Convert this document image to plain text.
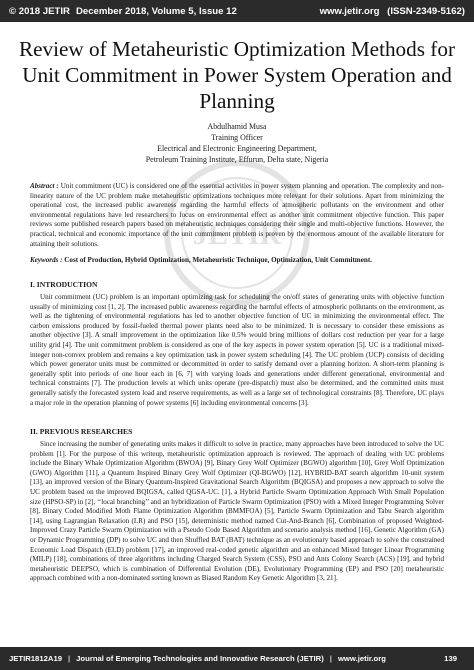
© 2018 JETIR December 2018, Volume 5, Issue 12	www.jetir.org (ISSN-2349-5162)
Review of Metaheuristic Optimization Methods for Unit Commitment in Power System Operation and Planning
Abdulhamid Musa
Training Officer
Electrical and Electronic Engineering Department,
Petroleum Training Institute, Effurun, Delta state, Nigeria
JETIR
Abstract : Unit commitment (UC) is considered one of the essential activities in power system planning and operation. The complexity and non-linearity nature of the UC problem make metaheuristic optimizations techniques more relevant for their solutions. Apart from minimizing the operational cost, the increased public awareness regarding the harmful effects of atmospheric pollutants on the environment and other environmental regulations have led researchers to focus on environmental effect as another unit commitment objective function. This paper reviews some published research papers based on metaheuristic techniques considering their single and multi-objective functions. However, the practical, technical and economic importance of the unit commitment problem is proven by the enormous amount of the available literature for attaining their solutions.
Keywords : Cost of Production, Hybrid Optimization, Metaheuristic Technique, Optimization, Unit Commitment.
I. INTRODUCTION
Unit commitment (UC) problem is an important optimizing task for scheduling the on/off states of generating units with objective function usually of minimizing cost [1, 2]. The increased public awareness regarding the harmful effects of atmospheric pollutants on the environment, as well as the tightening of environmental regulations has led to another objective function of UC in minimizing the environmental effect. The carbon emissions produced by fossil-fueled thermal power plants need also to be minimized. It is necessary to consider these emissions as another objective [3]. A small improvement in the optimization like 0.5% would bring millions of dollars cost reduction per year for a large utility grid [4]. The unit commitment problem is considered as one of the key aspects in power system operation [5]. UC is a traditional mixed-integer non-convex problem and remains a key optimization task in power system scheduling [4]. The UC problem (UCP) consists of deciding which power generator units must be committed or decommitted in order to satisfy demand over a planning horizon. A short-term planning is generally split into periods of one hour each in [6, 7] with varying loads and generations under different generational, environmental and technical constraints [7]. The production levels at which units operate (pre-dispatch) must also be determined, and the committed units must generally satisfy the forecasted system load and reserve requirements, as well as a large set of technological constraints [8]. Therefore, UC plays a major role in the operation planning of power systems [6] including environmental concerns [3].
II. PREVIOUS RESEARCHES
Since increasing the number of generating units makes it difficult to solve in practice, many approaches have been introduced to solve the UC problem [1]. For the purpose of this writeup, metaheuristic optimization approach is reviewed. The approach of dealing with UC problems include the Binary Whale Optimization Algorithm (BWOA) [9], Binary Grey Wolf Optimizer (BGWO) algorithm [10], Grey Wolf Optimization (GWO) Algorithm [11], a Quantum Inspired Binary Grey Wolf Optimizer (QI-BGWO) [12], HYBRID-BAT search algorithm 10-unit system [13], an improved version of the Binary Quantum-Inspired Gravitational Search Algorithm (BQIGSA) and proposes a new approach to solve the UC problem based on the improved BQIGSA, called QGSA-UC. [1], a Hybrid Particle Swarm Optimization Approach With Small Population size (HPSO-SP) in [2], ‘‘local branching’’ and an hybridization of Particle Swarm Optimization (PSO) with a Mixed Integer Programming Solver [8], Binary Coded Modified Moth Flame Optimization Algorithm (BMMFOA) [5], Particle Swarm Optimization and Tabu Search algorithm [14], using Lagrangian Relaxation (LR) and PSO [15], deterministic method named Cut-And-Branch [6], Combination of proposed Weighted-Improved Crazy Particle Swarm Optimization with a Pseudo Code Based Algorithm and scenario analysis method [16], Genetic Algorithm (GA) or Dynamic Programming (DP) to solve UC and then Shuffled BAT (BAT) technique as an evolutionary based approach to solve the constrained Economic Load Dispatch (ELD) problem [17], an improved real-coded genetic algorithm and an enhanced Mixed Integer Linear Programming (MILP) [18], combinations of three algorithms including Charged Search System (CSS), PSO and Ants Colony Search (ACS) [19], and hybrid metaheuristic DEEPSO, which is combination of Differential Evolution (DE), Evolutionary Programming (EP) and PSO [20] metaheuristic approach combined with a non-dominated sorting known as Biased Random Key Genetic Algorithm [3, 21].
JETIR1812A19 | Journal of Emerging Technologies and Innovative Research (JETIR) | www.jetir.org	139
